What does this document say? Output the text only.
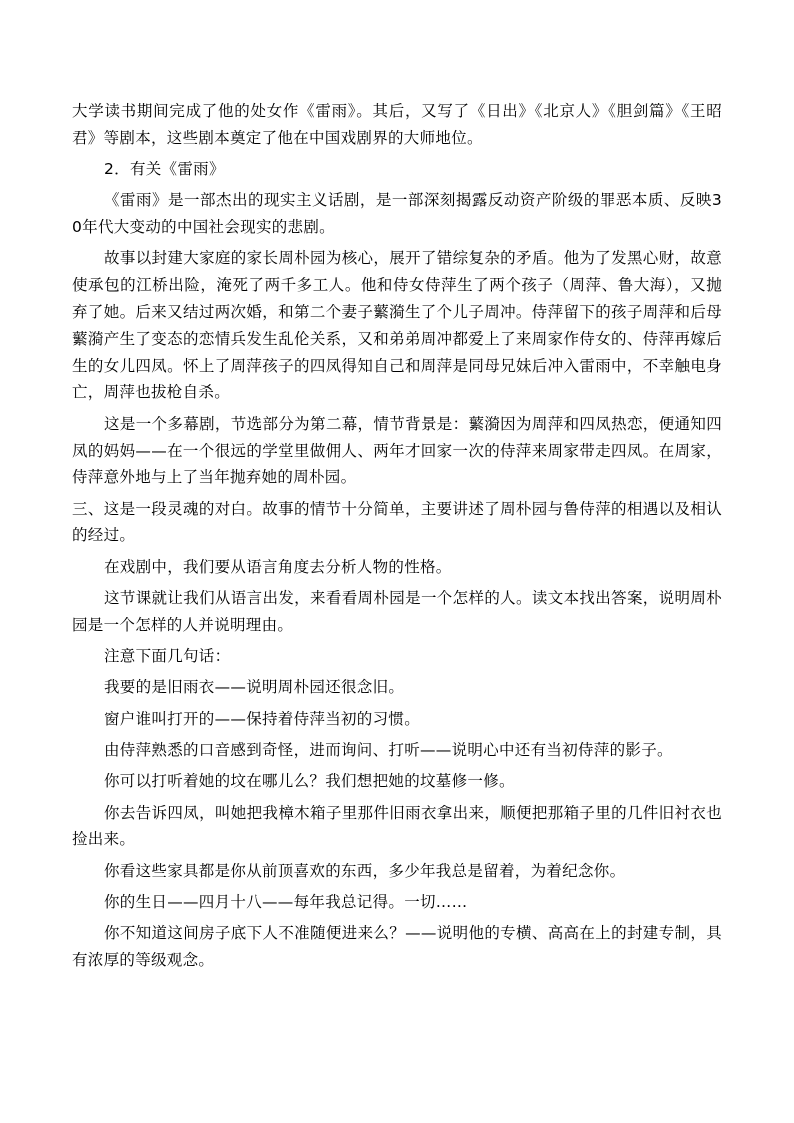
大学读书期间完成了他的处女作《雷雨》。其后，又写了《日出》《北京人》《胆剑篇》《王昭君》等剧本，这些剧本奠定了他在中国戏剧界的大师地位。

2．有关《雷雨》

《雷雨》是一部杰出的现实主义话剧，是一部深刻揭露反动资产阶级的罪恶本质、反映30年代大变动的中国社会现实的悲剧。

故事以封建大家庭的家长周朴园为核心，展开了错综复杂的矛盾。他为了发黑心财，故意使承包的江桥出险，淹死了两千多工人。他和侍女侍萍生了两个孩子（周萍、鲁大海），又抛弃了她。后来又结过两次婚，和第二个妻子蘩漪生了个儿子周冲。侍萍留下的孩子周萍和后母蘩漪产生了变态的恋情兵发生乱伦关系，又和弟弟周冲都爱上了来周家作侍女的、侍萍再嫁后生的女儿四凤。怀上了周萍孩子的四凤得知自己和周萍是同母兄妹后冲入雷雨中，不幸触电身亡，周萍也拔枪自杀。

这是一个多幕剧，节选部分为第二幕，情节背景是：蘩漪因为周萍和四凤热恋，便通知四凤的妈妈——在一个很远的学堂里做佣人、两年才回家一次的侍萍来周家带走四凤。在周家，侍萍意外地与上了当年抛弃她的周朴园。

三、这是一段灵魂的对白。故事的情节十分简单，主要讲述了周朴园与鲁侍萍的相遇以及相认的经过。

在戏剧中，我们要从语言角度去分析人物的性格。

这节课就让我们从语言出发，来看看周朴园是一个怎样的人。读文本找出答案，说明周朴园是一个怎样的人并说明理由。

注意下面几句话：

我要的是旧雨衣——说明周朴园还很念旧。

窗户谁叫打开的——保持着侍萍当初的习惯。

由侍萍熟悉的口音感到奇怪，进而询问、打听——说明心中还有当初侍萍的影子。

你可以打听着她的坟在哪儿么？我们想把她的坟墓修一修。

你去告诉四凤，叫她把我樟木箱子里那件旧雨衣拿出来，顺便把那箱子里的几件旧衬衣也捡出来。

你看这些家具都是你从前顶喜欢的东西，多少年我总是留着，为着纪念你。

你的生日——四月十八——每年我总记得。一切……

你不知道这间房子底下人不准随便进来么？——说明他的专横、高高在上的封建专制，具有浓厚的等级观念。
